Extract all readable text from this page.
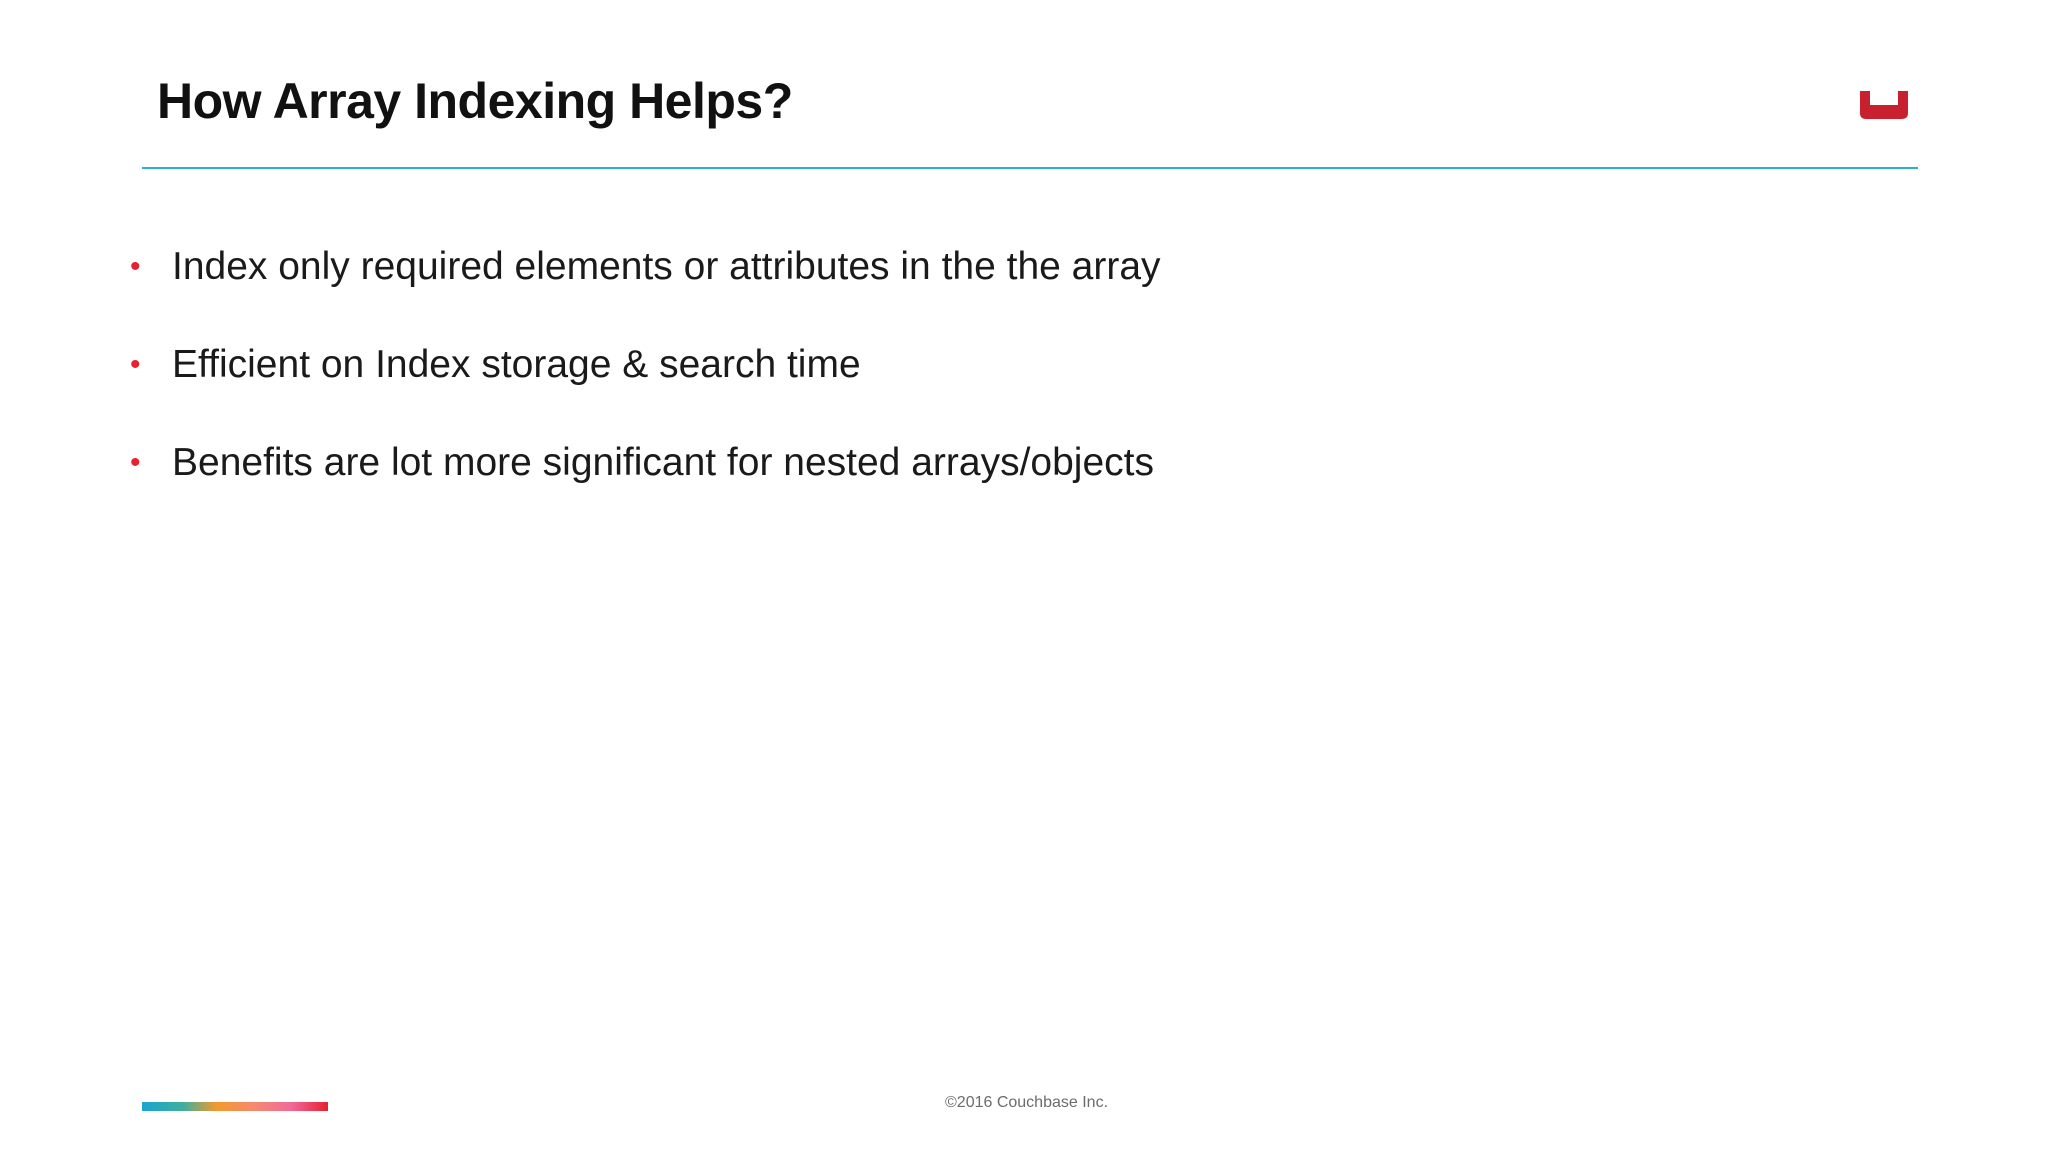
How Array Indexing Helps?
• Index only required elements or attributes in the the array
• Efficient on Index storage & search time
• Benefits are lot more significant for nested arrays/objects
©2016 Couchbase Inc.
